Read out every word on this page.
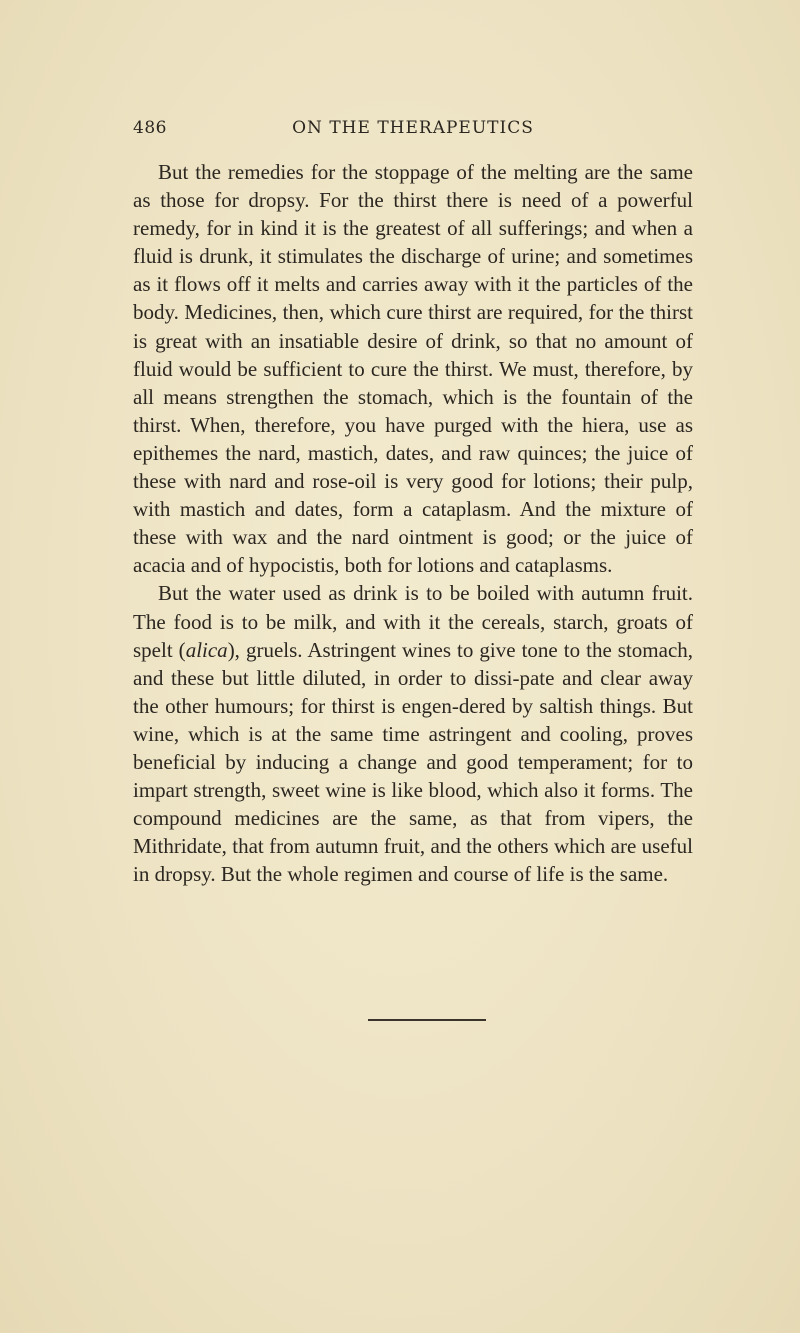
486	ON THE THERAPEUTICS

But the remedies for the stoppage of the melting are the same as those for dropsy. For the thirst there is need of a powerful remedy, for in kind it is the greatest of all sufferings; and when a fluid is drunk, it stimulates the discharge of urine; and sometimes as it flows off it melts and carries away with it the particles of the body. Medicines, then, which cure thirst are required, for the thirst is great with an insatiable desire of drink, so that no amount of fluid would be sufficient to cure the thirst. We must, therefore, by all means strengthen the stomach, which is the fountain of the thirst. When, therefore, you have purged with the hiera, use as epithemes the nard, mastich, dates, and raw quinces; the juice of these with nard and rose-oil is very good for lotions; their pulp, with mastich and dates, form a cataplasm. And the mixture of these with wax and the nard ointment is good; or the juice of acacia and of hypocistis, both for lotions and cataplasms.

But the water used as drink is to be boiled with autumn fruit. The food is to be milk, and with it the cereals, starch, groats of spelt (alica), gruels. Astringent wines to give tone to the stomach, and these but little diluted, in order to dissi-pate and clear away the other humours; for thirst is engen-dered by saltish things. But wine, which is at the same time astringent and cooling, proves beneficial by inducing a change and good temperament; for to impart strength, sweet wine is like blood, which also it forms. The compound medicines are the same, as that from vipers, the Mithridate, that from autumn fruit, and the others which are useful in dropsy. But the whole regimen and course of life is the same.
